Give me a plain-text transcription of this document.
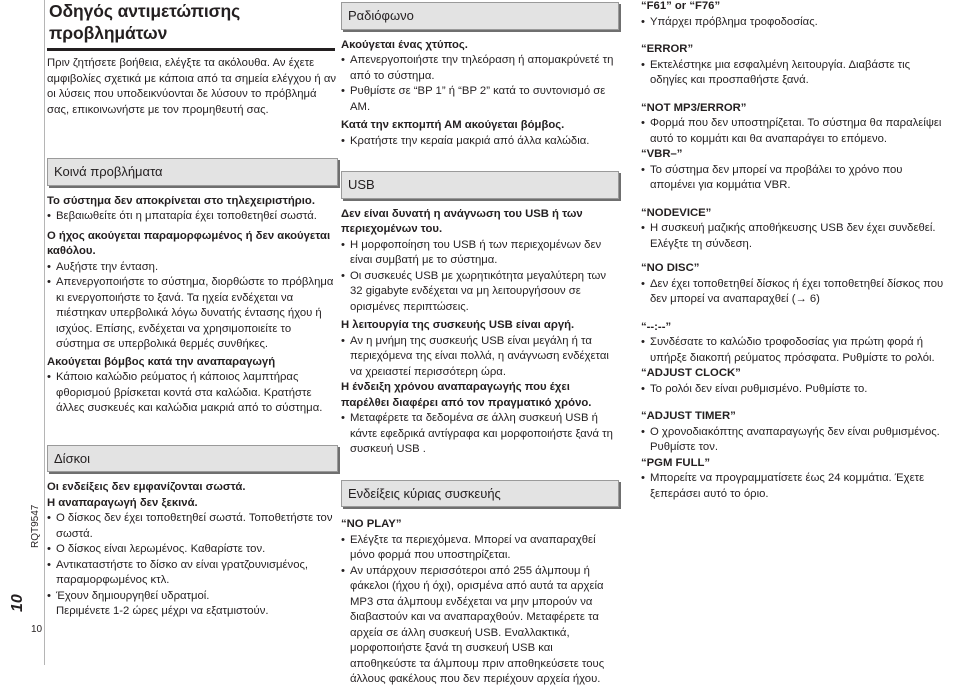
RQT9547
10
10
Οδηγός αντιμετώπισης προβλημάτων

Πριν ζητήσετε βοήθεια, ελέγξτε τα ακόλουθα. Αν έχετε αμφιβολίες σχετικά με κάποια από τα σημεία ελέγχου ή αν οι λύσεις που υποδεικνύονται δε λύσουν το πρόβλημά σας, επικοινωνήστε με τον προμηθευτή σας.

Κοινά προβλήματα

Το σύστημα δεν αποκρίνεται στο τηλεχειριστήριο.

• Βεβαιωθείτε ότι η μπαταρία έχει τοποθετηθεί σωστά.

Ο ήχος ακούγεται παραμορφωμένος ή δεν ακούγεται καθόλου.

• Αυξήστε την ένταση.

• Απενεργοποιήστε το σύστημα, διορθώστε το πρόβλημα κι ενεργοποιήστε το ξανά. Τα ηχεία ενδέχεται να πιέστηκαν υπερβολικά λόγω δυνατής έντασης ήχου ή ισχύος. Επίσης, ενδέχεται να χρησιμοποιείτε το σύστημα σε υπερβολικά θερμές συνθήκες.

Ακούγεται βόμβος κατά την αναπαραγωγή

• Κάποιο καλώδιο ρεύματος ή κάποιος λαμπτήρας φθορισμού βρίσκεται κοντά στα καλώδια. Κρατήστε άλλες συσκευές και καλώδια μακριά από το σύστημα.

Δίσκοι

Οι ενδείξεις δεν εμφανίζονται σωστά.

Η αναπαραγωγή δεν ξεκινά.

• Ο δίσκος δεν έχει τοποθετηθεί σωστά. Τοποθετήστε τον σωστά.

• Ο δίσκος είναι λερωμένος. Καθαρίστε τον.

• Αντικαταστήστε το δίσκο αν είναι γρατζουνισμένος, παραμορφωμένος κτλ.

• Έχουν δημιουργηθεί υδρατμοί.

Περιμένετε 1-2 ώρες μέχρι να εξατμιστούν.

Ραδιόφωνο

Ακούγεται ένας χτύπος.

• Απενεργοποιήστε την τηλεόραση ή απομακρύνετέ τη από το σύστημα.

• Ρυθμίστε σε “BP 1” ή “BP 2” κατά το συντονισμό σε ΑΜ.

Κατά την εκπομπή ΑΜ ακούγεται βόμβος.

• Κρατήστε την κεραία μακριά από άλλα καλώδια.

USB

Δεν είναι δυνατή η ανάγνωση του USB ή των περιεχομένων του.

• Η μορφοποίηση του USB ή των περιεχομένων δεν είναι συμβατή με το σύστημα.

• Οι συσκευές USB με χωρητικότητα μεγαλύτερη των 32 gigabyte ενδέχεται να μη λειτουργήσουν σε ορισμένες περιπτώσεις.

Η λειτουργία της συσκευής USB είναι αργή.

• Αν η μνήμη της συσκευής USB είναι μεγάλη ή τα περιεχόμενα της είναι πολλά, η ανάγνωση ενδέχεται να χρειαστεί περισσότερη ώρα.

Η ένδειξη χρόνου αναπαραγωγής που έχει παρέλθει διαφέρει από τον πραγματικό χρόνο.

• Μεταφέρετε τα δεδομένα σε άλλη συσκευή USB ή κάντε εφεδρικά αντίγραφα και μορφοποιήστε ξανά τη συσκευή USB .

Ενδείξεις κύριας συσκευής

“NO PLAY”

• Ελέγξτε τα περιεχόμενα. Μπορεί να αναπαραχθεί μόνο φορμά που υποστηρίζεται.

• Αν υπάρχουν περισσότεροι από 255 άλμπουμ ή φάκελοι (ήχου ή όχι), ορισμένα από αυτά τα αρχεία MP3 στα άλμπουμ ενδέχεται να μην μπορούν να διαβαστούν και να αναπαραχθούν. Μεταφέρετε τα αρχεία σε άλλη συσκευή USB. Εναλλακτικά, μορφοποιήστε ξανά τη συσκευή USB και αποθηκεύστε τα άλμπουμ πριν αποθηκεύσετε τους άλλους φακέλους που δεν περιέχουν αρχεία ήχου.

“F61” or “F76”

• Υπάρχει πρόβλημα τροφοδοσίας.

“ERROR”

• Εκτελέστηκε μια εσφαλμένη λειτουργία. Διαβάστε τις οδηγίες και προσπαθήστε ξανά.

“NOT MP3/ERROR”

• Φορμά που δεν υποστηρίζεται. Το σύστημα θα παραλείψει αυτό το κομμάτι και θα αναπαράγει το επόμενο.

“VBR–”

• Το σύστημα δεν μπορεί να προβάλει το χρόνο που απομένει για κομμάτια VBR.

“NODEVICE”

• Η συσκευή μαζικής αποθήκευσης USB δεν έχει συνδεθεί. Ελέγξτε τη σύνδεση.

“NO DISC”

• Δεν έχει τοποθετηθεί δίσκος ή έχει τοποθετηθεί δίσκος που δεν μπορεί να αναπαραχθεί (→ 6)

“--:--”

• Συνδέσατε το καλώδιο τροφοδοσίας για πρώτη φορά ή υπήρξε διακοπή ρεύματος πρόσφατα. Ρυθμίστε το ρολόι.

“ADJUST CLOCK”

• Το ρολόι δεν είναι ρυθμισμένο. Ρυθμίστε το.

“ADJUST TIMER”

• Ο χρονοδιακόπτης αναπαραγωγής δεν είναι ρυθμισμένος. Ρυθμίστε τον.

“PGM FULL”

• Μπορείτε να προγραμματίσετε έως 24 κομμάτια. Έχετε ξεπεράσει αυτό το όριο.
